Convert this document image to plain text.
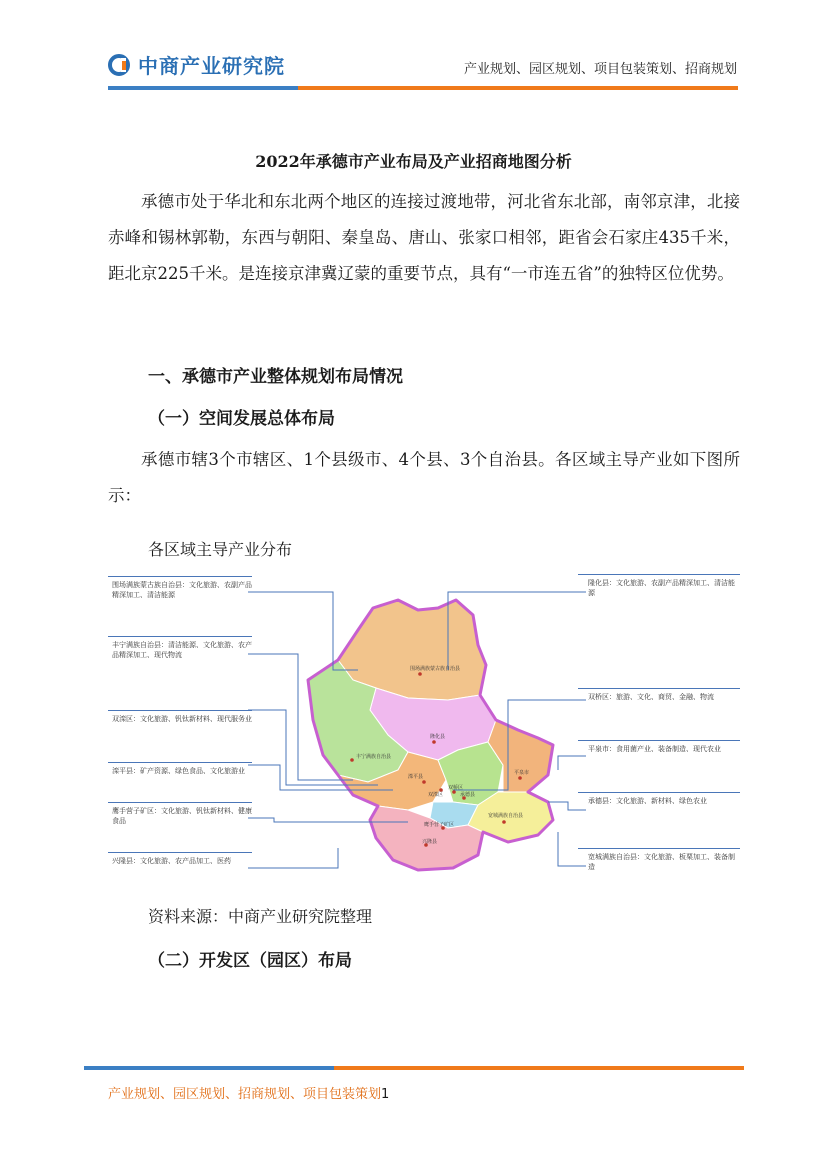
中商产业研究院	产业规划、园区规划、项目包装策划、招商规划
2022年承德市产业布局及产业招商地图分析
承德市处于华北和东北两个地区的连接过渡地带，河北省东北部，南邻京津，北接赤峰和锡林郭勒，东西与朝阳、秦皇岛、唐山、张家口相邻，距省会石家庄435千米，距北京225千米。是连接京津冀辽蒙的重要节点，具有“一市连五省”的独特区位优势。
一、承德市产业整体规划布局情况
（一）空间发展总体布局
承德市辖3个市辖区、1个县级市、4个县、3个自治县。各区域主导产业如下图所示：
各区域主导产业分布
围场满族蒙古族自治县
丰宁满族自治县
隆化县
滦平县
双桥区
承德县
平泉市
兴隆县
宽城满族自治县
鹰手营子矿区
双滦区
围场满族蒙古族自治县：文化旅游、农副产品精深加工、清洁能源
丰宁满族自治县：清洁能源、文化旅游、农产品精深加工、现代物流
双滦区：文化旅游、钒钛新材料、现代服务业
滦平县：矿产资源、绿色食品、文化旅游业
鹰手营子矿区：文化旅游、钒钛新材料、健康食品
兴隆县：文化旅游、农产品加工、医药
隆化县：文化旅游、农副产品精深加工、清洁能源
双桥区：旅游、文化、商贸、金融、物流
平泉市：食用菌产业、装备制造、现代农业
承德县：文化旅游、新材料、绿色农业
宽城满族自治县：文化旅游、板栗加工、装备制造
资料来源：中商产业研究院整理
（二）开发区（园区）布局
产业规划、园区规划、招商规划、项目包装策划1
